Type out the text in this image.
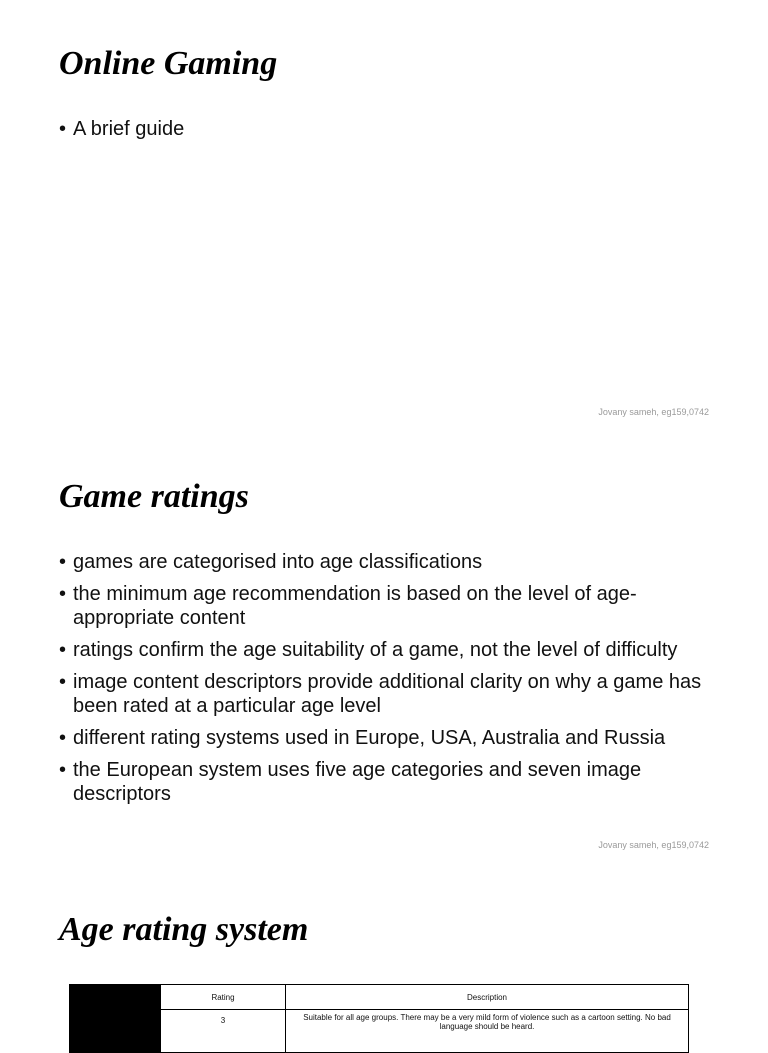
Online Gaming
• A brief guide
Jovany sameh, eg159,0742
Game ratings
• games are categorised into age classifications
• the minimum age recommendation is based on the level of age-appropriate content
• ratings confirm the age suitability of a game, not the level of difficulty
• image content descriptors provide additional clarity on why a game has been rated at a particular age level
• different rating systems used in Europe, USA, Australia and Russia
• the European system uses five age categories and seven image descriptors
Jovany sameh, eg159,0742
Age rating system
	Rating	Description
	3	Suitable for all age groups. There may be a very mild form of violence such as a cartoon setting. No bad language should be heard.
